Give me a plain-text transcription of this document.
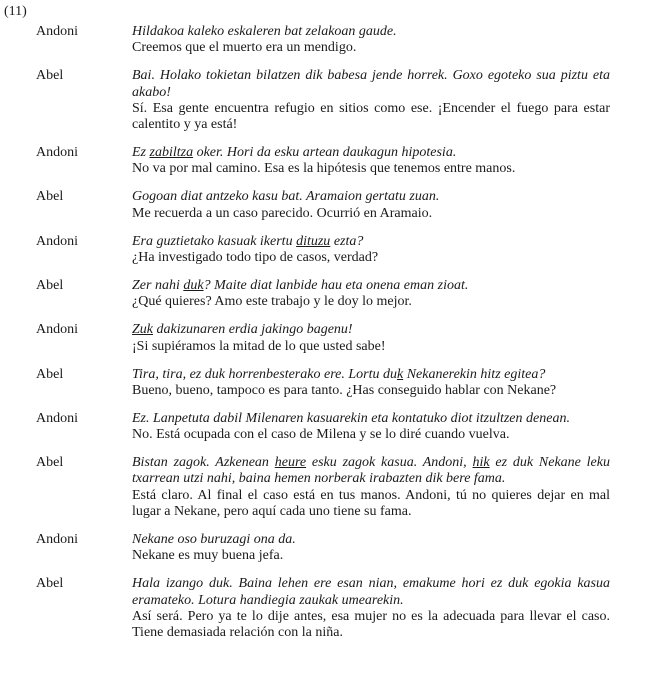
(11)
Andoni	Hildakoa kaleko eskaleren bat zelakoan gaude.
Creemos que el muerto era un mendigo.
Abel	Bai. Holako tokietan bilatzen dik babesa jende horrek. Goxo egoteko sua piztu eta akabo!
Sí. Esa gente encuentra refugio en sitios como ese. ¡Encender el fuego para estar calentito y ya está!
Andoni	Ez zabiltza oker. Hori da esku artean daukagun hipotesia.
No va por mal camino. Esa es la hipótesis que tenemos entre manos.
Abel	Gogoan diat antzeko kasu bat. Aramaion gertatu zuan.
Me recuerda a un caso parecido. Ocurrió en Aramaio.
Andoni	Era guztietako kasuak ikertu dituzu ezta?
¿Ha investigado todo tipo de casos, verdad?
Abel	Zer nahi duk? Maite diat lanbide hau eta onena eman zioat.
¿Qué quieres? Amo este trabajo y le doy lo mejor.
Andoni	Zuk dakizunaren erdia jakingo bagenu!
¡Si supiéramos la mitad de lo que usted sabe!
Abel	Tira, tira, ez duk horrenbesterako ere. Lortu duk Nekanerekin hitz egitea?
Bueno, bueno, tampoco es para tanto. ¿Has conseguido hablar con Nekane?
Andoni	Ez. Lanpetuta dabil Milenaren kasuarekin eta kontatuko diot itzultzen denean.
No. Está ocupada con el caso de Milena y se lo diré cuando vuelva.
Abel	Bistan zagok. Azkenean heure esku zagok kasua. Andoni, hik ez duk Nekane leku txarrean utzi nahi, baina hemen norberak irabazten dik bere fama.
Está claro. Al final el caso está en tus manos. Andoni, tú no quieres dejar en mal lugar a Nekane, pero aquí cada uno tiene su fama.
Andoni	Nekane oso buruzagi ona da.
Nekane es muy buena jefa.
Abel	Hala izango duk. Baina lehen ere esan nian, emakume hori ez duk egokia kasua eramateko. Lotura handiegia zaukak umearekin.
Así será. Pero ya te lo dije antes, esa mujer no es la adecuada para llevar el caso. Tiene demasiada relación con la niña.
